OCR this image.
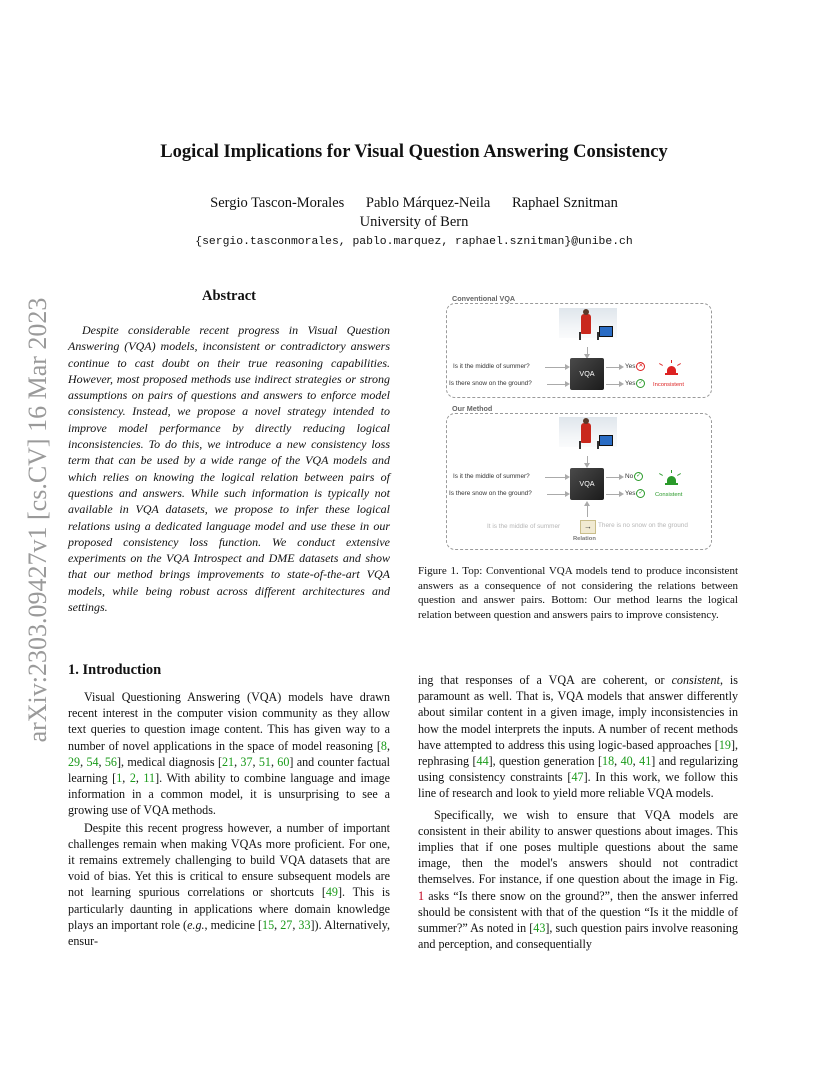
arXiv:2303.09427v1 [cs.CV] 16 Mar 2023
Logical Implications for Visual Question Answering Consistency
Sergio Tascon-Morales Pablo Márquez-Neila Raphael Sznitman
University of Bern
{sergio.tasconmorales, pablo.marquez, raphael.sznitman}@unibe.ch
Abstract

Despite considerable recent progress in Visual Question Answering (VQA) models, inconsistent or contradictory answers continue to cast doubt on their true reasoning capabilities. However, most proposed methods use indirect strategies or strong assumptions on pairs of questions and answers to enforce model consistency. Instead, we propose a novel strategy intended to improve model performance by directly reducing logical inconsistencies. To do this, we introduce a new consistency loss term that can be used by a wide range of the VQA models and which relies on knowing the logical relation between pairs of questions and answers. While such information is typically not available in VQA datasets, we propose to infer these logical relations using a dedicated language model and use these in our proposed consistency loss function. We conduct extensive experiments on the VQA Introspect and DME datasets and show that our method brings improvements to state-of-the-art VQA models, while being robust across different architectures and settings.

1. Introduction

Visual Questioning Answering (VQA) models have drawn recent interest in the computer vision community as they allow text queries to question image content. This has given way to a number of novel applications in the space of model reasoning [8, 29, 54, 56], medical diagnosis [21, 37, 51, 60] and counter factual learning [1, 2, 11]. With ability to combine language and image information in a common model, it is unsurprising to see a growing use of VQA methods.

Despite this recent progress however, a number of important challenges remain when making VQAs more proficient. For one, it remains extremely challenging to build VQA datasets that are void of bias. Yet this is critical to ensure subsequent models are not learning spurious correlations or shortcuts [49]. This is particularly daunting in applications where domain knowledge plays an important role (e.g., medicine [15, 27, 33]). Alternatively, ensur-

ing that responses of a VQA are coherent, or consistent, is paramount as well. That is, VQA models that answer differently about similar content in a given image, imply inconsistencies in how the model interprets the inputs. A number of recent methods have attempted to address this using logic-based approaches [19], rephrasing [44], question generation [18, 40, 41] and regularizing using consistency constraints [47]. In this work, we follow this line of research and look to yield more reliable VQA models.

Specifically, we wish to ensure that VQA models are consistent in their ability to answer questions about images. This implies that if one poses multiple questions about the same image, then the model's answers should not contradict themselves. For instance, if one question about the image in Fig. 1 asks “Is there snow on the ground?”, then the answer inferred should be consistent with that of the question “Is it the middle of summer?” As noted in [43], such question pairs involve reasoning and perception, and consequentially

Conventional VQA
VQA
Is it the middle of summer?
Is there snow on the ground?
Yes ✕
Yes ✓	Inconsistent
Our Method
VQA
Is it the middle of summer?
Is there snow on the ground?
No ✓
Yes ✓	Consistent
It is the middle of summer	→ There is no snow on the ground
Relation

Figure 1. Top: Conventional VQA models tend to produce inconsistent answers as a consequence of not considering the relations between question and answer pairs. Bottom: Our method learns the logical relation between question and answers pairs to improve consistency.
